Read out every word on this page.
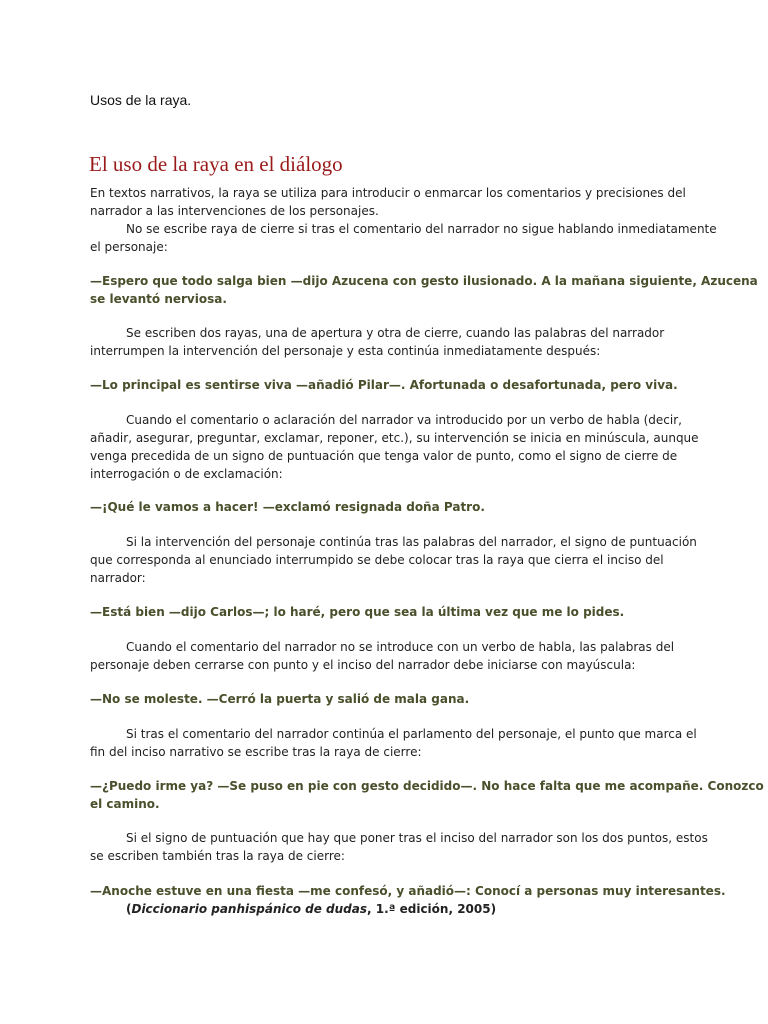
Usos de la raya.
El uso de la raya en el diálogo
En textos narrativos, la raya se utiliza para introducir o enmarcar los comentarios y precisiones del
narrador a las intervenciones de los personajes.
No se escribe raya de cierre si tras el comentario del narrador no sigue hablando inmediatamente
el personaje:
—Espero que todo salga bien —dijo Azucena con gesto ilusionado. A la mañana siguiente, Azucena
se levantó nerviosa.
Se escriben dos rayas, una de apertura y otra de cierre, cuando las palabras del narrador
interrumpen la intervención del personaje y esta continúa inmediatamente después:
—Lo principal es sentirse viva —añadió Pilar—. Afortunada o desafortunada, pero viva.
Cuando el comentario o aclaración del narrador va introducido por un verbo de habla (decir,
añadir, asegurar, preguntar, exclamar, reponer, etc.), su intervención se inicia en minúscula, aunque
venga precedida de un signo de puntuación que tenga valor de punto, como el signo de cierre de
interrogación o de exclamación:
—¡Qué le vamos a hacer! —exclamó resignada doña Patro.
Si la intervención del personaje continúa tras las palabras del narrador, el signo de puntuación
que corresponda al enunciado interrumpido se debe colocar tras la raya que cierra el inciso del
narrador:
—Está bien —dijo Carlos—; lo haré, pero que sea la última vez que me lo pides.
Cuando el comentario del narrador no se introduce con un verbo de habla, las palabras del
personaje deben cerrarse con punto y el inciso del narrador debe iniciarse con mayúscula:
—No se moleste. —Cerró la puerta y salió de mala gana.
Si tras el comentario del narrador continúa el parlamento del personaje, el punto que marca el
fin del inciso narrativo se escribe tras la raya de cierre:
—¿Puedo irme ya? —Se puso en pie con gesto decidido—. No hace falta que me acompañe. Conozco
el camino.
Si el signo de puntuación que hay que poner tras el inciso del narrador son los dos puntos, estos
se escriben también tras la raya de cierre:
—Anoche estuve en una fiesta —me confesó, y añadió—: Conocí a personas muy interesantes.
(Diccionario panhispánico de dudas, 1.ª edición, 2005)
